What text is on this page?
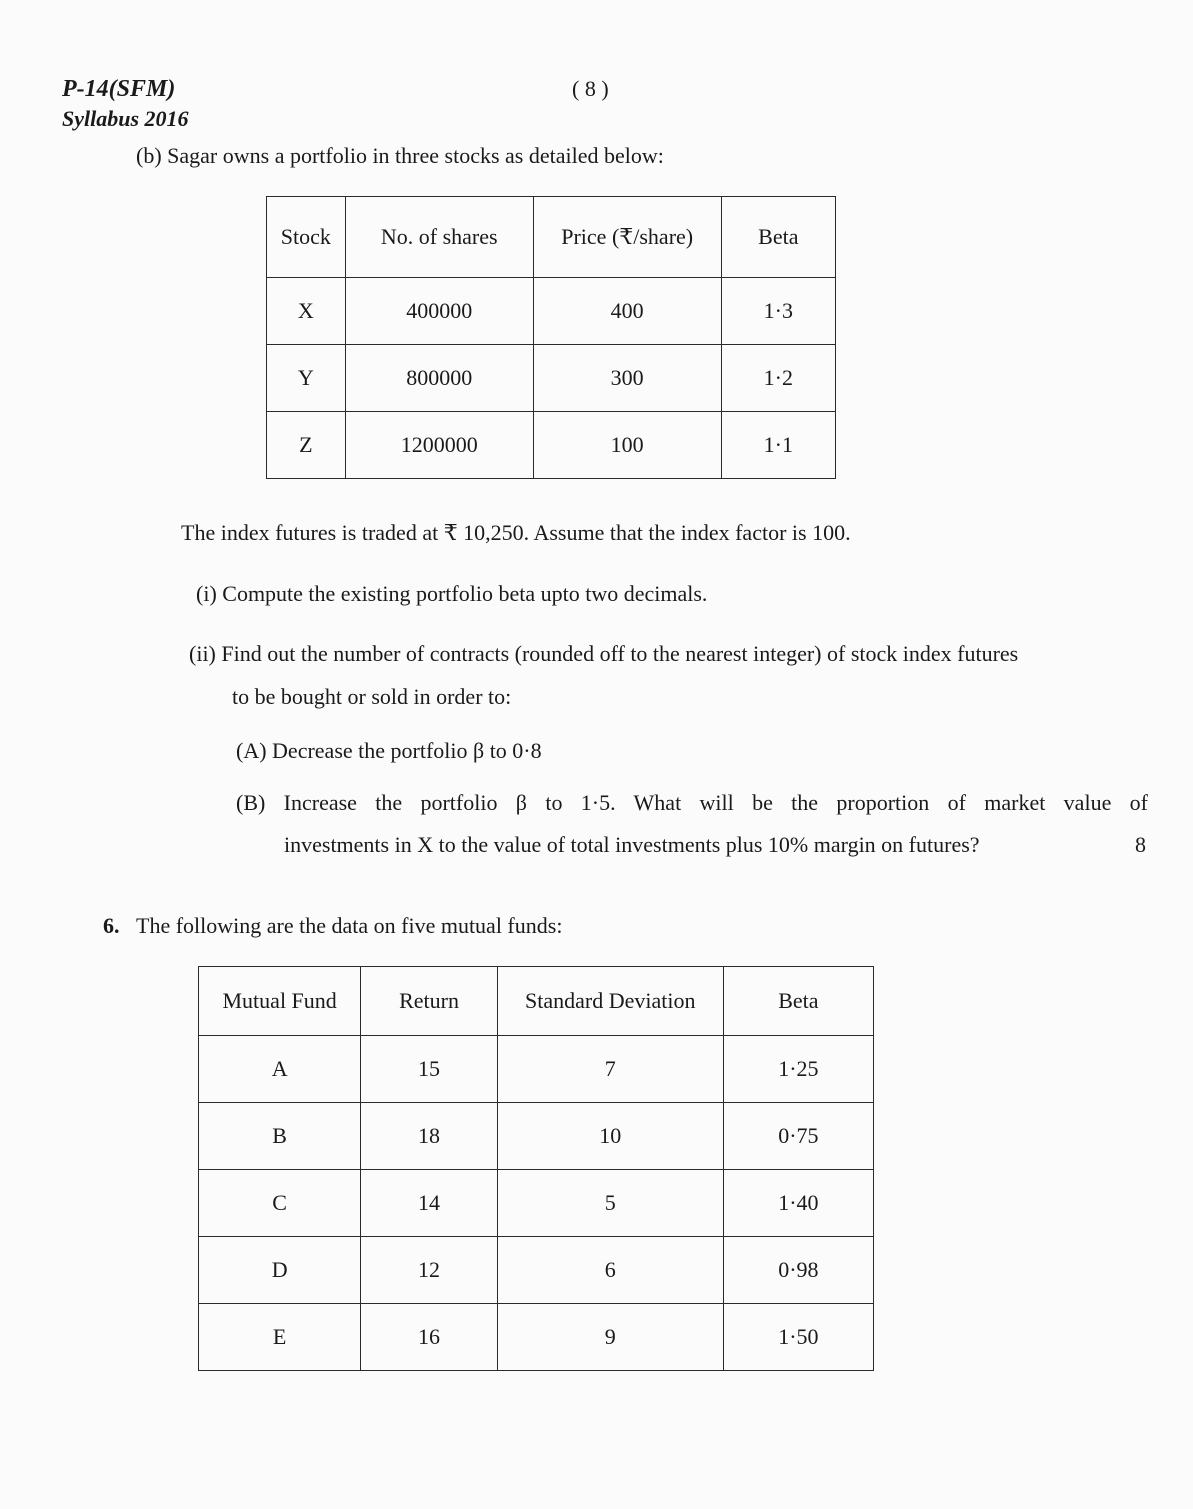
P-14(SFM)
Syllabus 2016
( 8 )
(b) Sagar owns a portfolio in three stocks as detailed below:
Stock	No. of shares	Price (₹/share)	Beta
X	400000	400	1·3
Y	800000	300	1·2
Z	1200000	100	1·1
The index futures is traded at ₹ 10,250. Assume that the index factor is 100.
(i) Compute the existing portfolio beta upto two decimals.
(ii) Find out the number of contracts (rounded off to the nearest integer) of stock index futures
to be bought or sold in order to:
(A) Decrease the portfolio β to 0·8
(B) Increase the portfolio β to 1·5. What will be the proportion of market value of
investments in X to the value of total investments plus 10% margin on futures?	8
6. The following are the data on five mutual funds:
Mutual Fund	Return	Standard Deviation	Beta
A	15	7	1·25
B	18	10	0·75
C	14	5	1·40
D	12	6	0·98
E	16	9	1·50
